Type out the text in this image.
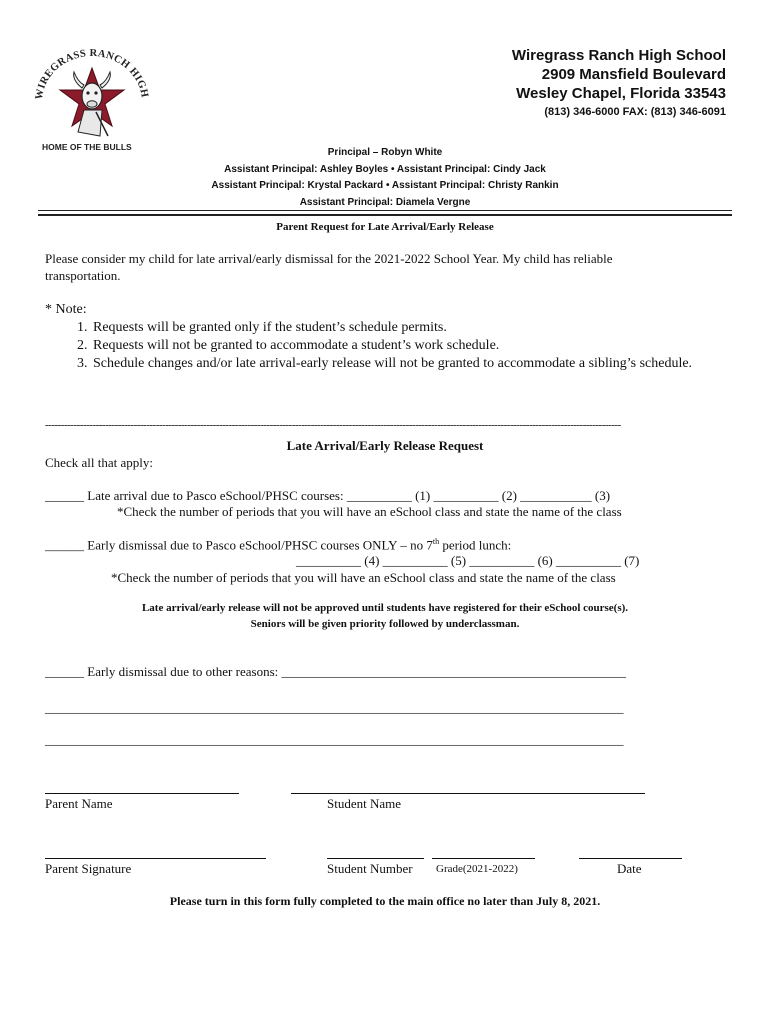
WIREGRASS RANCH HIGH
HOME OF THE BULLS
Wiregrass Ranch High School
2909 Mansfield Boulevard
Wesley Chapel, Florida 33543
(813) 346-6000 FAX: (813) 346-6091
Principal – Robyn White
Assistant Principal: Ashley Boyles • Assistant Principal: Cindy Jack
Assistant Principal: Krystal Packard • Assistant Principal: Christy Rankin
Assistant Principal: Diamela Vergne
Parent Request for Late Arrival/Early Release
Please consider my child for late arrival/early dismissal for the 2021-2022 School Year. My child has reliable
transportation.
* Note:
1. Requests will be granted only if the student’s schedule permits.
2. Requests will not be granted to accommodate a student’s work schedule.
3. Schedule changes and/or late arrival-early release will not be granted to accommodate a sibling’s schedule.
--------------------------------------------------------------------------------------------------------------------------------------------------------------------------------------
Late Arrival/Early Release Request
Check all that apply:
______ Late arrival due to Pasco eSchool/PHSC courses: __________ (1) __________ (2) ___________ (3)
*Check the number of periods that you will have an eSchool class and state the name of the class
______ Early dismissal due to Pasco eSchool/PHSC courses ONLY – no 7th period lunch:
__________ (4) __________ (5) __________ (6) __________ (7)
*Check the number of periods that you will have an eSchool class and state the name of the class
Late arrival/early release will not be approved until students have registered for their eSchool course(s).
Seniors will be given priority followed by underclassman.
______ Early dismissal due to other reasons: _____________________________________________________
_________________________________________________________________________________________
_________________________________________________________________________________________
Parent Name	Student Name
Parent Signature	Student Number Grade(2021-2022)	Date
Please turn in this form fully completed to the main office no later than July 8, 2021.
